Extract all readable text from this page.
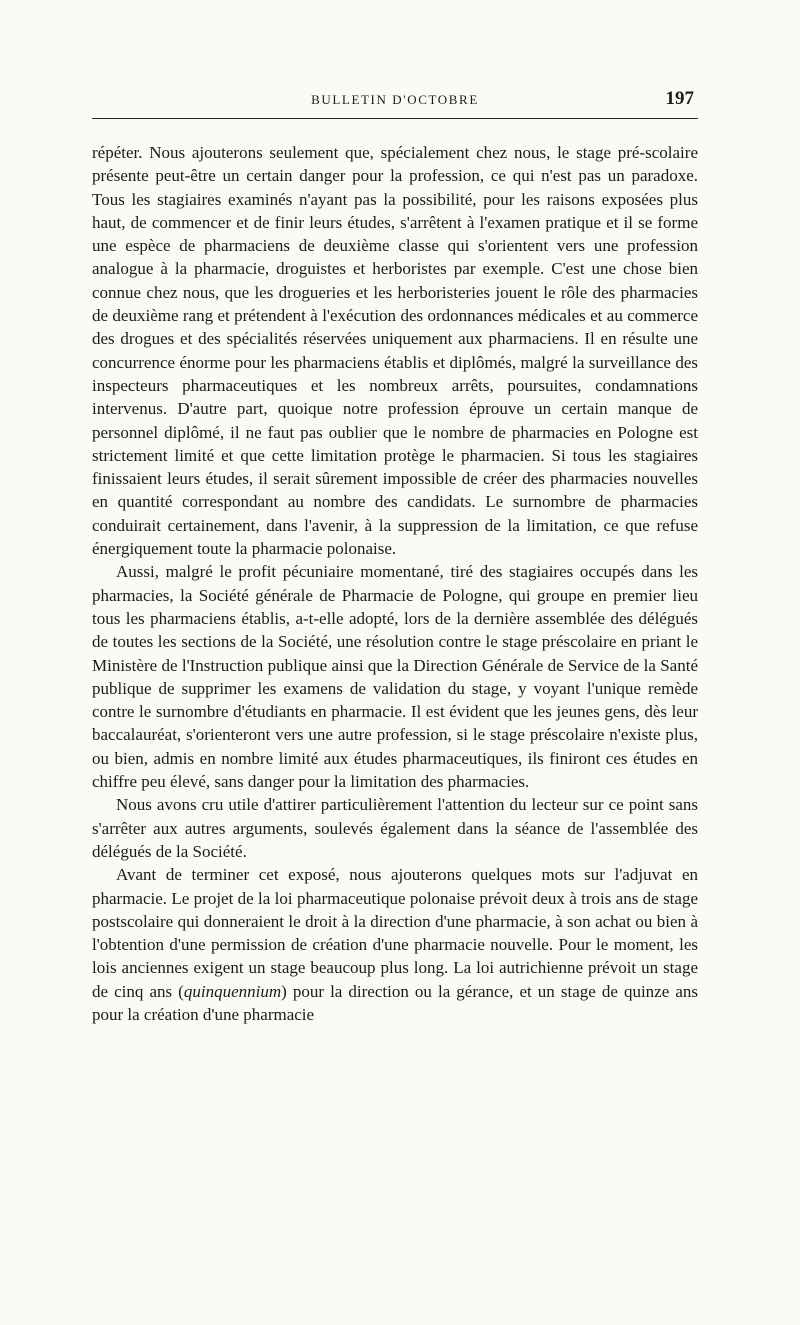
BULLETIN D'OCTOBRE	197

répéter. Nous ajouterons seulement que, spécialement chez nous, le stage pré-scolaire présente peut-être un certain danger pour la profession, ce qui n'est pas un paradoxe. Tous les stagiaires examinés n'ayant pas la possibilité, pour les raisons exposées plus haut, de commencer et de finir leurs études, s'arrêtent à l'examen pratique et il se forme une espèce de pharmaciens de deuxième classe qui s'orientent vers une profession analogue à la pharmacie, droguistes et herboristes par exemple. C'est une chose bien connue chez nous, que les drogueries et les herboristeries jouent le rôle des pharmacies de deuxième rang et prétendent à l'exécution des ordonnances médicales et au commerce des drogues et des spécialités réservées uniquement aux pharmaciens. Il en résulte une concurrence énorme pour les pharmaciens établis et diplômés, malgré la surveillance des inspecteurs pharmaceutiques et les nombreux arrêts, poursuites, condamnations intervenus. D'autre part, quoique notre profession éprouve un certain manque de personnel diplômé, il ne faut pas oublier que le nombre de pharmacies en Pologne est strictement limité et que cette limitation protège le pharmacien. Si tous les stagiaires finissaient leurs études, il serait sûrement impossible de créer des pharmacies nouvelles en quantité correspondant au nombre des candidats. Le surnombre de pharmacies conduirait certainement, dans l'avenir, à la suppression de la limitation, ce que refuse énergiquement toute la pharmacie polonaise.

Aussi, malgré le profit pécuniaire momentané, tiré des stagiaires occupés dans les pharmacies, la Société générale de Pharmacie de Pologne, qui groupe en premier lieu tous les pharmaciens établis, a-t-elle adopté, lors de la dernière assemblée des délégués de toutes les sections de la Société, une résolution contre le stage préscolaire en priant le Ministère de l'Instruction publique ainsi que la Direction Générale de Service de la Santé publique de supprimer les examens de validation du stage, y voyant l'unique remède contre le surnombre d'étudiants en pharmacie. Il est évident que les jeunes gens, dès leur baccalauréat, s'orienteront vers une autre profession, si le stage préscolaire n'existe plus, ou bien, admis en nombre limité aux études pharmaceutiques, ils finiront ces études en chiffre peu élevé, sans danger pour la limitation des pharmacies.

Nous avons cru utile d'attirer particulièrement l'attention du lecteur sur ce point sans s'arrêter aux autres arguments, soulevés également dans la séance de l'assemblée des délégués de la Société.

Avant de terminer cet exposé, nous ajouterons quelques mots sur l'adjuvat en pharmacie. Le projet de la loi pharmaceutique polonaise prévoit deux à trois ans de stage postscolaire qui donneraient le droit à la direction d'une pharmacie, à son achat ou bien à l'obtention d'une permission de création d'une pharmacie nouvelle. Pour le moment, les lois anciennes exigent un stage beaucoup plus long. La loi autrichienne prévoit un stage de cinq ans (quinquennium) pour la direction ou la gérance, et un stage de quinze ans pour la création d'une pharmacie
